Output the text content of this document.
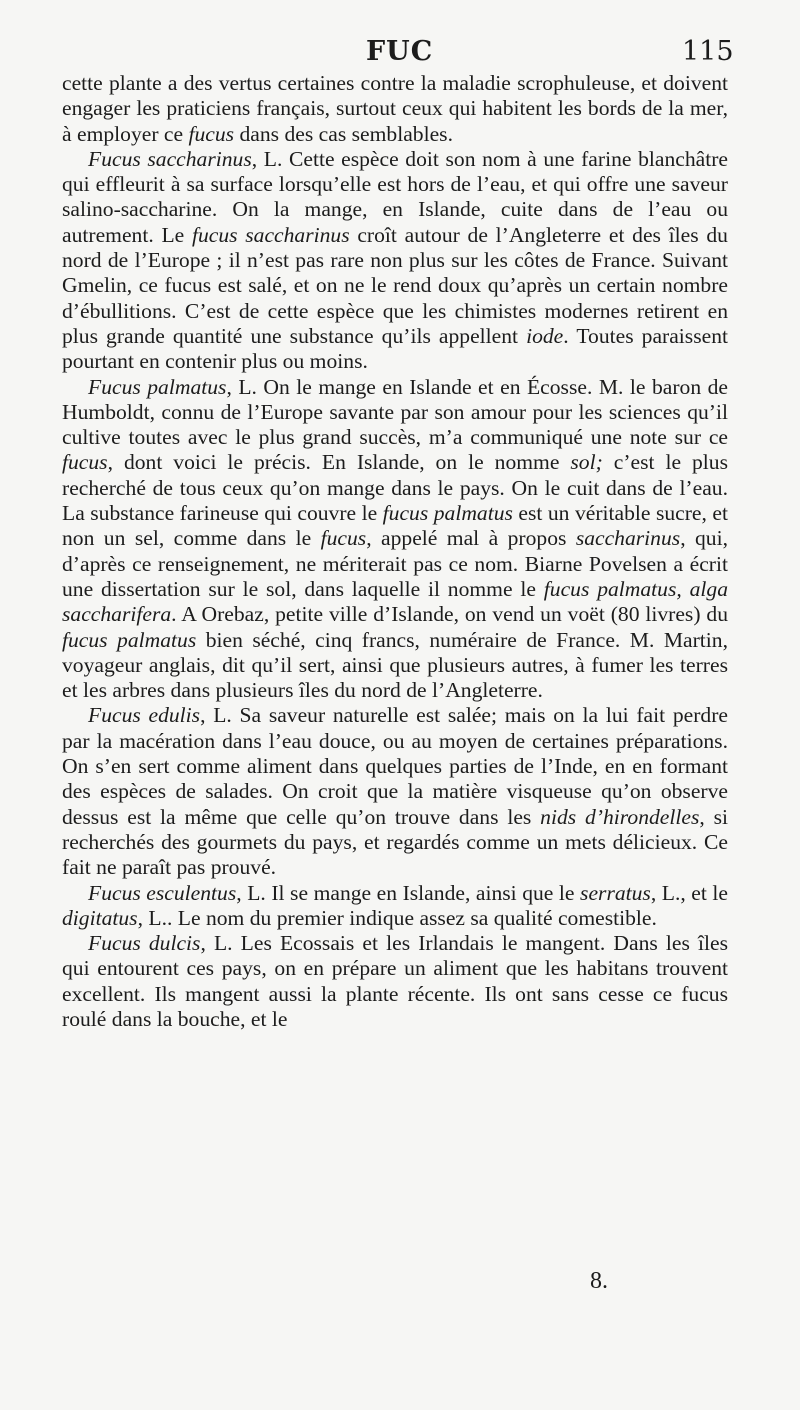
FUC	115

cette plante a des vertus certaines contre la maladie scrophuleuse, et doivent engager les praticiens français, surtout ceux qui habitent les bords de la mer, à employer ce fucus dans des cas semblables.

Fucus saccharinus, L. Cette espèce doit son nom à une farine blanchâtre qui effleurit à sa surface lorsqu’elle est hors de l’eau, et qui offre une saveur salino-saccharine. On la mange, en Islande, cuite dans de l’eau ou autrement. Le fucus saccharinus croît autour de l’Angleterre et des îles du nord de l’Europe ; il n’est pas rare non plus sur les côtes de France. Suivant Gmelin, ce fucus est salé, et on ne le rend doux qu’après un certain nombre d’ébullitions. C’est de cette espèce que les chimistes modernes retirent en plus grande quantité une substance qu’ils appellent iode. Toutes paraissent pourtant en contenir plus ou moins.

Fucus palmatus, L. On le mange en Islande et en Écosse. M. le baron de Humboldt, connu de l’Europe savante par son amour pour les sciences qu’il cultive toutes avec le plus grand succès, m’a communiqué une note sur ce fucus, dont voici le précis. En Islande, on le nomme sol; c’est le plus recherché de tous ceux qu’on mange dans le pays. On le cuit dans de l’eau. La substance farineuse qui couvre le fucus palmatus est un véritable sucre, et non un sel, comme dans le fucus, appelé mal à propos saccharinus, qui, d’après ce renseignement, ne mériterait pas ce nom. Biarne Povelsen a écrit une dissertation sur le sol, dans laquelle il nomme le fucus palmatus, alga saccharifera. A Orebaz, petite ville d’Islande, on vend un voët (80 livres) du fucus palmatus bien séché, cinq francs, numéraire de France. M. Martin, voyageur anglais, dit qu’il sert, ainsi que plusieurs autres, à fumer les terres et les arbres dans plusieurs îles du nord de l’Angleterre.

Fucus edulis, L. Sa saveur naturelle est salée; mais on la lui fait perdre par la macération dans l’eau douce, ou au moyen de certaines préparations. On s’en sert comme aliment dans quelques parties de l’Inde, en en formant des espèces de salades. On croit que la matière visqueuse qu’on observe dessus est la même que celle qu’on trouve dans les nids d’hirondelles, si recherchés des gourmets du pays, et regardés comme un mets délicieux. Ce fait ne paraît pas prouvé.

Fucus esculentus, L. Il se mange en Islande, ainsi que le serratus, L., et le digitatus, L.. Le nom du premier indique assez sa qualité comestible.

Fucus dulcis, L. Les Ecossais et les Irlandais le mangent. Dans les îles qui entourent ces pays, on en prépare un aliment que les habitans trouvent excellent. Ils mangent aussi la plante récente. Ils ont sans cesse ce fucus roulé dans la bouche, et le

8.
